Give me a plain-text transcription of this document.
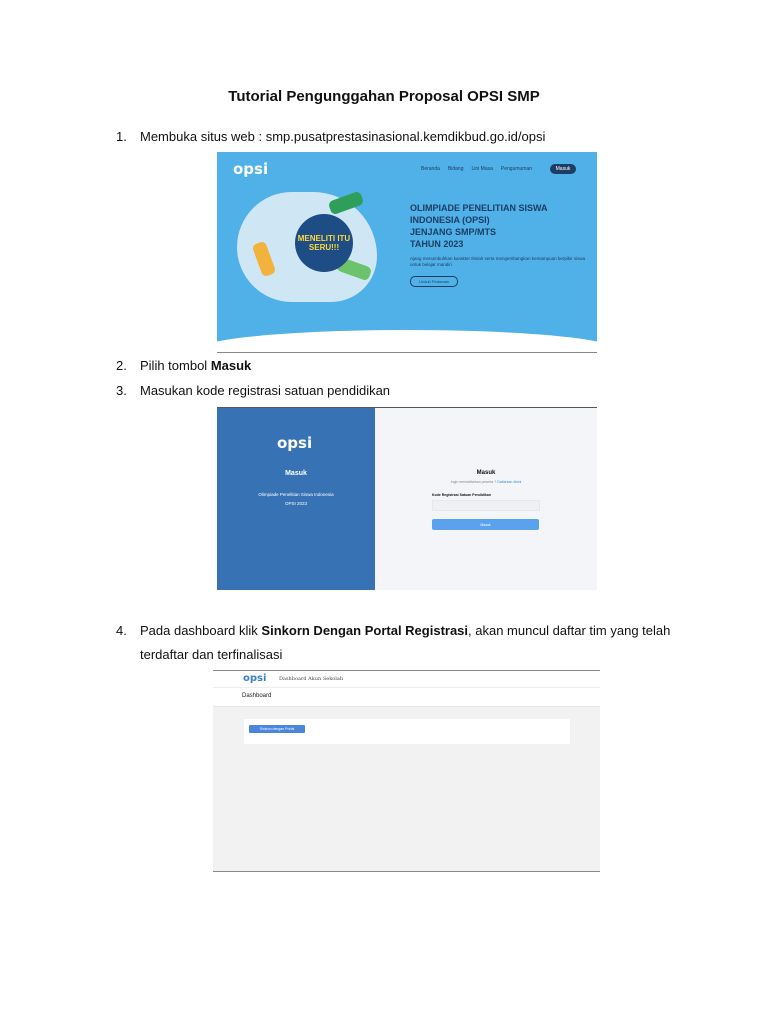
Tutorial Pengunggahan Proposal OPSI SMP
1. Membuka situs web : smp.pusatprestasinasional.kemdikbud.go.id/opsi
opsi	Beranda Bidang Lini Masa Pengumuman	Masuk
MENELITI ITU SERU!!!
OLIMPIADE PENELITIAN SISWA
INDONESIA (OPSI)
JENJANG SMP/MTS
TAHUN 2023
Ajang menumbuhkan karakter Ilmiah serta mengembangkan kemampuan berpikir siswa untuk belajar mandiri
Unduh Pedoman
2. Pilih tombol Masuk
3. Masukan kode registrasi satuan pendidikan
opsi
Masuk
Olimpiade Penelitian Siswa Indonesia
OPSI 2023
Masuk
Ingin mendaftarkan peserta ? Daftarkan disini
Kode Registrasi Satuan Pendidikan
Masuk
4. Pada dashboard klik Sinkorn Dengan Portal Registrasi, akan muncul daftar tim yang telah
terdaftar dan terfinalisasi
opsi	Dashboard Akun Sekolah
Dashboard
Sinkron dengan Portal
